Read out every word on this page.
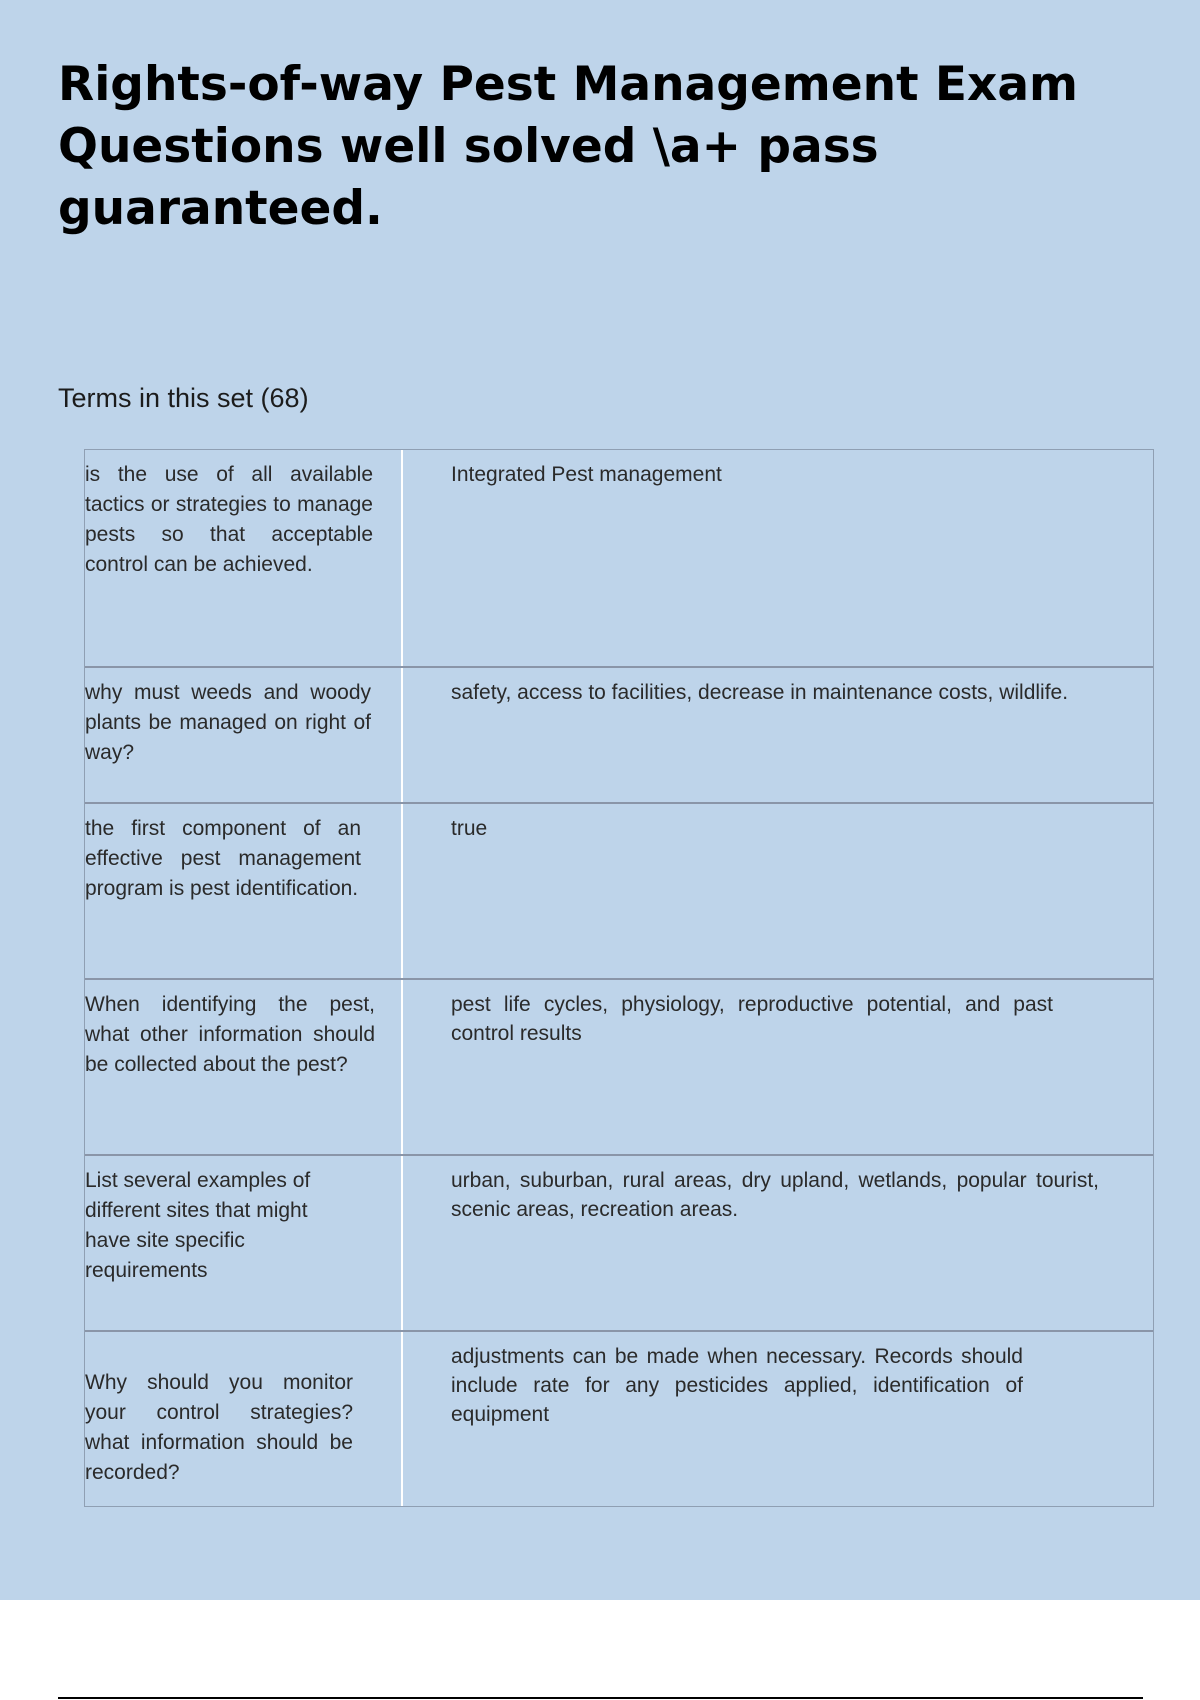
Rights-of-way Pest Management Exam Questions well solved \a+ pass guaranteed.
Terms in this set (68)
is the use of all available tactics or strategies to manage pests so that acceptable control can be achieved.
Integrated Pest management
why must weeds and woody plants be managed on right of way?
safety, access to facilities, decrease in maintenance costs, wildlife.
the first component of an effective pest management program is pest identification.
true
When identifying the pest, what other information should be collected about the pest?
pest life cycles, physiology, reproductive potential, and past control results
List several examples of different sites that might have site specific requirements
urban, suburban, rural areas, dry upland, wetlands, popular tourist, scenic areas, recreation areas.
Why should you monitor your control strategies? what information should be recorded?
adjustments can be made when necessary. Records should include rate for any pesticides applied, identification of equipment
